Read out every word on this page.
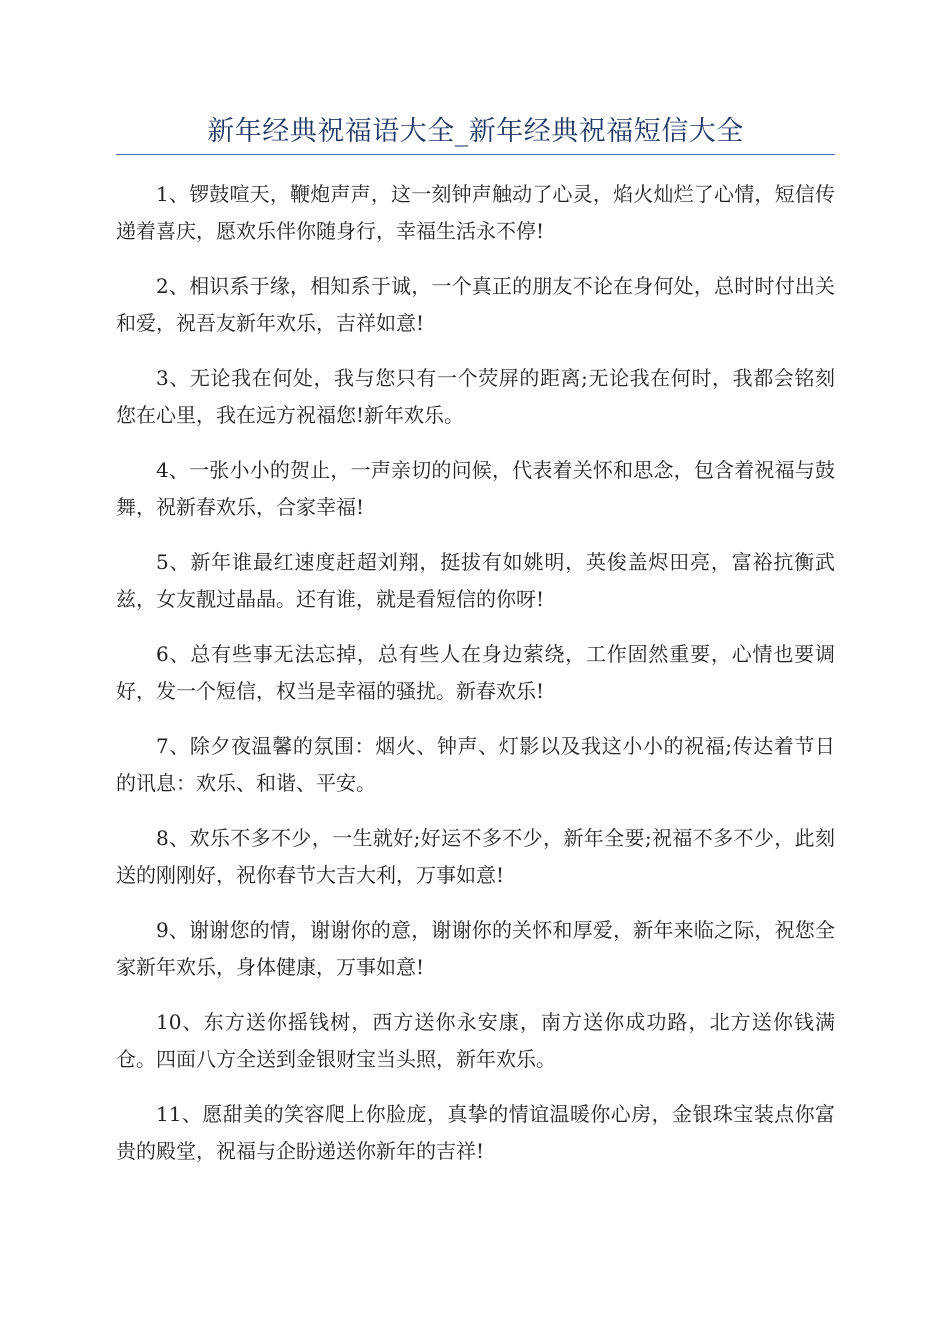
新年经典祝福语大全_新年经典祝福短信大全

1、锣鼓喧天，鞭炮声声，这一刻钟声触动了心灵，焰火灿烂了心情，短信传递着喜庆，愿欢乐伴你随身行，幸福生活永不停!

2、相识系于缘，相知系于诚，一个真正的朋友不论在身何处，总时时付出关和爱，祝吾友新年欢乐，吉祥如意!

3、无论我在何处，我与您只有一个荧屏的距离;无论我在何时，我都会铭刻您在心里，我在远方祝福您!新年欢乐。

4、一张小小的贺止，一声亲切的问候，代表着关怀和思念，包含着祝福与鼓舞，祝新春欢乐，合家幸福!

5、新年谁最红速度赶超刘翔，挺拔有如姚明，英俊盖烬田亮，富裕抗衡武兹，女友靓过晶晶。还有谁，就是看短信的你呀!

6、总有些事无法忘掉，总有些人在身边萦绕，工作固然重要，心情也要调好，发一个短信，权当是幸福的骚扰。新春欢乐!

7、除夕夜温馨的氛围：烟火、钟声、灯影以及我这小小的祝福;传达着节日的讯息：欢乐、和谐、平安。

8、欢乐不多不少，一生就好;好运不多不少，新年全要;祝福不多不少，此刻送的刚刚好，祝你春节大吉大利，万事如意!

9、谢谢您的情，谢谢你的意，谢谢你的关怀和厚爱，新年来临之际，祝您全家新年欢乐，身体健康，万事如意!

10、东方送你摇钱树，西方送你永安康，南方送你成功路，北方送你钱满仓。四面八方全送到金银财宝当头照，新年欢乐。

11、愿甜美的笑容爬上你脸庞，真挚的情谊温暖你心房，金银珠宝装点你富贵的殿堂，祝福与企盼递送你新年的吉祥!
